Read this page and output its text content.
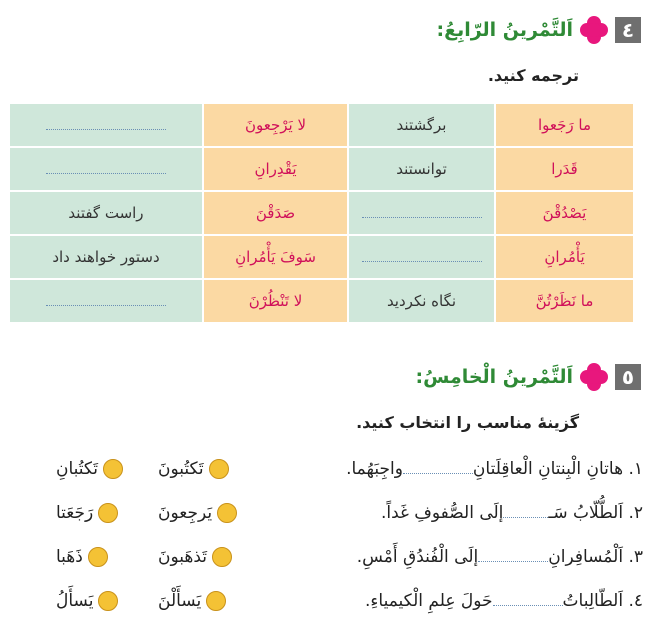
٤
اَلتَّمْرينُ الرّابِعُ:
ترجمه کنید.
ما رَجَعوا	برگشتند	لا يَرْجِعونَ	
قَدَرا	توانستند	يَقْدِرانِ	
يَصْدُقْنَ		صَدَقْنَ	راست گفتند
يَأْمُرانِ		سَوفَ يَأْمُرانِ	دستور خواهند داد
ما نَظَرْتُنَّ	نگاه نکردید	لا تَنْظُرْنَ	
٥
اَلتَّمْرينُ الْخامِسُ:
گزينۀ مناسب را انتخاب كنيد.
١. هاتانِ الْبِنتانِ الْعاقِلَتانِواجِبَهُما.
تَكتُبونَ
تَكتُبانِ
٢. اَلطُّلّابُ سَـإلَى الصُّفوفِ غَداً.
يَرجِعونَ
رَجَعَتا
٣. اَلْمُسافِرانِإلَى الْفُندُقِ أَمْسِ.
تَذهَبونَ
ذَهَبا
٤. اَلطّالِباتُحَولَ عِلمِ الْكيمياءِ.
يَسأَلْنَ
يَسأَلُ
